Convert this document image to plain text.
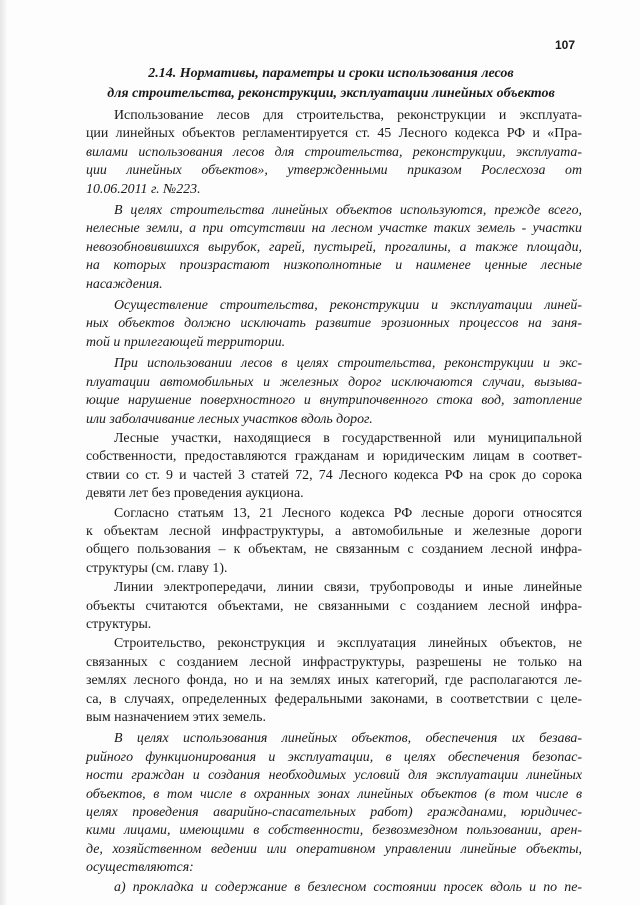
107
2.14. Нормативы, параметры и сроки использования лесов
для строительства, реконструкции, эксплуатации линейных объектов

Использование лесов для строительства, реконструкции и эксплуата-
ции линейных объектов регламентируется ст. 45 Лесного кодекса РФ и «Пра-
вилами использования лесов для строительства, реконструкции, эксплуата-
ции линейных объектов», утвержденными приказом Рослесхоза от
10.06.2011 г. №223.

В целях строительства линейных объектов используются, прежде всего,
нелесные земли, а при отсутствии на лесном участке таких земель - участки
невозобновившихся вырубок, гарей, пустырей, прогалины, а также площади,
на которых произрастают низкополнотные и наименее ценные лесные
насаждения.

Осуществление строительства, реконструкции и эксплуатации линей-
ных объектов должно исключать развитие эрозионных процессов на заня-
той и прилегающей территории.

При использовании лесов в целях строительства, реконструкции и экс-
плуатации автомобильных и железных дорог исключаются случаи, вызыва-
ющие нарушение поверхностного и внутрипочвенного стока вод, затопление
или заболачивание лесных участков вдоль дорог.

Лесные участки, находящиеся в государственной или муниципальной
собственности, предоставляются гражданам и юридическим лицам в соответ-
ствии со ст. 9 и частей 3 статей 72, 74 Лесного кодекса РФ на срок до сорока
девяти лет без проведения аукциона.

Согласно статьям 13, 21 Лесного кодекса РФ лесные дороги относятся
к объектам лесной инфраструктуры, а автомобильные и железные дороги
общего пользования – к объектам, не связанным с созданием лесной инфра-
структуры (см. главу 1).

Линии электропередачи, линии связи, трубопроводы и иные линейные
объекты считаются объектами, не связанными с созданием лесной инфра-
структуры.

Строительство, реконструкция и эксплуатация линейных объектов, не
связанных с созданием лесной инфраструктуры, разрешены не только на
землях лесного фонда, но и на землях иных категорий, где располагаются ле-
са, в случаях, определенных федеральными законами, в соответствии с целе-
вым назначением этих земель.

В целях использования линейных объектов, обеспечения их безава-
рийного функционирования и эксплуатации, в целях обеспечения безопас-
ности граждан и создания необходимых условий для эксплуатации линейных
объектов, в том числе в охранных зонах линейных объектов (в том числе в
целях проведения аварийно-спасательных работ) гражданами, юридичес-
кими лицами, имеющими в собственности, безвозмездном пользовании, арен-
де, хозяйственном ведении или оперативном управлении линейные объекты,
осуществляются:

а) прокладка и содержание в безлесном состоянии просек вдоль и по пе-
